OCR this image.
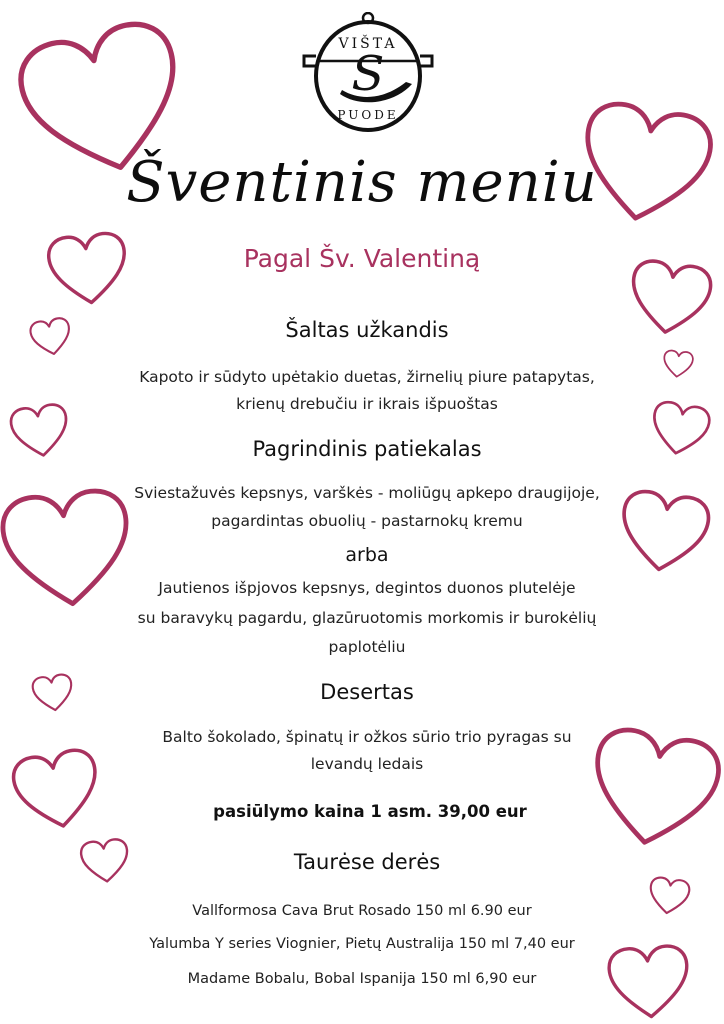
VIŠTA
S
PUODE
Šventinis meniu
Pagal Šv. Valentiną
Šaltas užkandis
Kapoto ir sūdyto upėtakio duetas, žirnelių piure patapytas,
krienų drebučiu ir ikrais išpuoštas
Pagrindinis patiekalas
Sviestažuvės kepsnys, varškės - moliūgų apkepo draugijoje,
pagardintas obuolių - pastarnokų kremu
arba
Jautienos išpjovos kepsnys, degintos duonos plutelėje
su baravykų pagardu, glazūruotomis morkomis ir burokėlių
paplotėliu
Desertas
Balto šokolado, špinatų ir ožkos sūrio trio pyragas su
levandų ledais
pasiūlymo kaina 1 asm. 39,00 eur
Taurėse derės
Vallformosa Cava Brut Rosado 150 ml 6.90 eur
Yalumba Y series Viognier, Pietų Australija 150 ml 7,40 eur
Madame Bobalu, Bobal Ispanija 150 ml 6,90 eur
